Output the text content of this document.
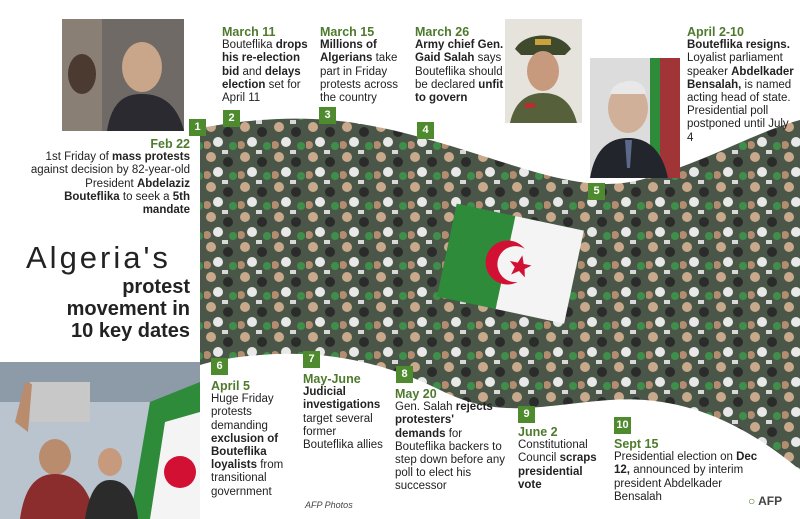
1
2	3
4
5
6
7
8
9
10
Feb 22
1st Friday of mass protests against decision by 82-year-old President Abdelaziz Bouteflika to seek a 5th mandate
March 11
Bouteflika drops his re-election bid and delays election set for April 11
March 15
Millions of Algerians take part in Friday protests across the country
March 26
Army chief Gen. Gaid Salah says Bouteflika should be declared unfit to govern
April 2-10
Bouteflika resigns. Loyalist parliament speaker Abdelkader Bensalah, is named acting head of state. Presidential poll postponed until July 4
April 5
Huge Friday protests demanding exclusion of Bouteflika loyalists from transitional government
May-June
Judicial investigations target several former Bouteflika allies
May 20
Gen. Salah rejects protesters' demands for Bouteflika backers to step down before any poll to elect his successor
June 2
Constitutional Council scraps presidential vote
Sept 15
Presidential election on Dec 12, announced by interim president Abdelkader Bensalah
Algeria's
protest movement in 10 key dates
AFP Photos	○ AFP
